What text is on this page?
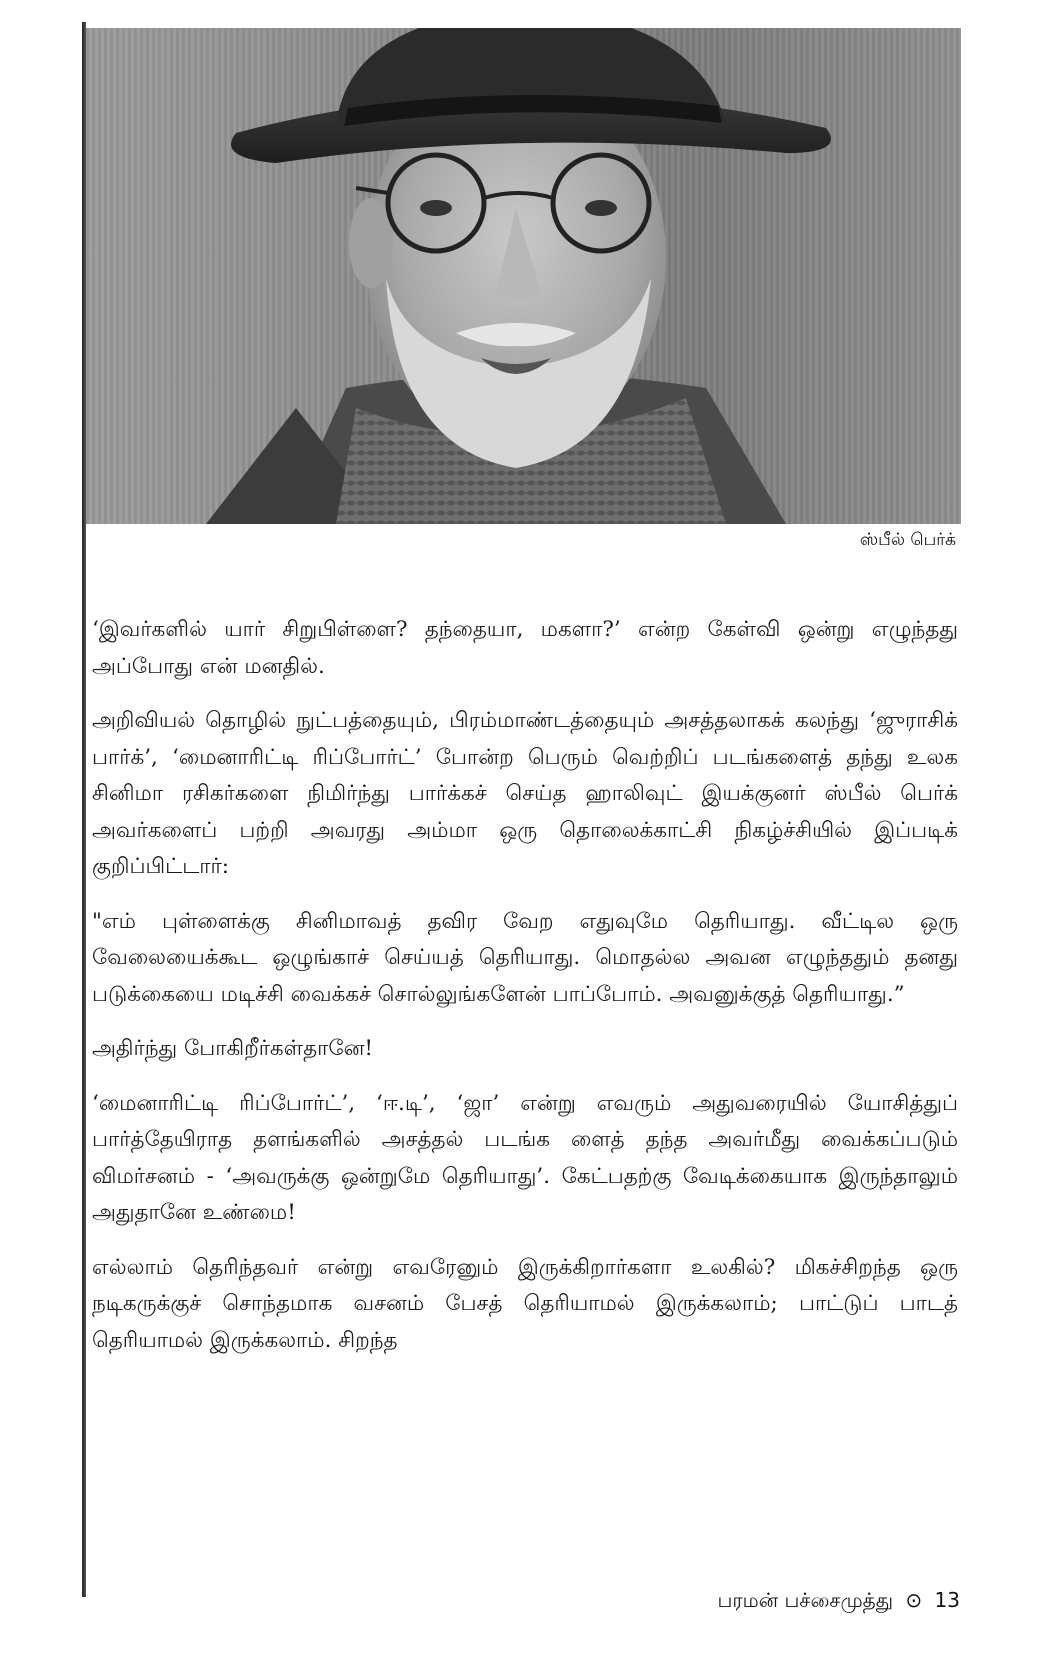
ஸ்பீல் பெர்க்

‘இவர்களில் யார் சிறுபிள்ளை? தந்தையா, மகளா?’ என்ற கேள்வி ஒன்று எழுந்தது அப்போது என் மனதில்.

அறிவியல் தொழில் நுட்பத்தையும், பிரம்மாண்டத்தையும் அசத்தலாகக் கலந்து ‘ஜுராசிக் பார்க்’, ‘மைனாரிட்டி ரிப்போர்ட்’ போன்ற பெரும் வெற்றிப் படங்களைத் தந்து உலக சினிமா ரசிகர்களை நிமிர்ந்து பார்க்கச் செய்த ஹாலிவுட் இயக்குனர் ஸ்பீல் பெர்க் அவர்களைப் பற்றி அவரது அம்மா ஒரு தொலைக்காட்சி நிகழ்ச்சியில் இப்படிக் குறிப்பிட்டார்:

"எம் புள்ளைக்கு சினிமாவத் தவிர வேற எதுவுமே தெரியாது. வீட்டில ஒரு வேலையைக்கூட ஒழுங்காச் செய்யத் தெரியாது. மொதல்ல அவன எழுந்ததும் தனது படுக்கையை மடிச்சி வைக்கச் சொல்லுங்களேன் பாப்போம். அவனுக்குத் தெரியாது.”

அதிர்ந்து போகிறீர்கள்தானே!

‘மைனாரிட்டி ரிப்போர்ட்’, ‘ஈ.டி’, ‘ஜா’ என்று எவரும் அதுவரையில் யோசித்துப் பார்த்தேயிராத தளங்களில் அசத்தல் படங்க ளைத் தந்த அவர்மீது வைக்கப்படும் விமர்சனம் - ‘அவருக்கு ஒன்றுமே தெரியாது’. கேட்பதற்கு வேடிக்கையாக இருந்தாலும் அதுதானே உண்மை!

எல்லாம் தெரிந்தவர் என்று எவரேனும் இருக்கிறார்களா உலகில்? மிகச்சிறந்த ஒரு நடிகருக்குச் சொந்தமாக வசனம் பேசத் தெரியாமல் இருக்கலாம்; பாட்டுப் பாடத் தெரியாமல் இருக்கலாம். சிறந்த

பரமன் பச்சைமுத்து ⊙ 13
